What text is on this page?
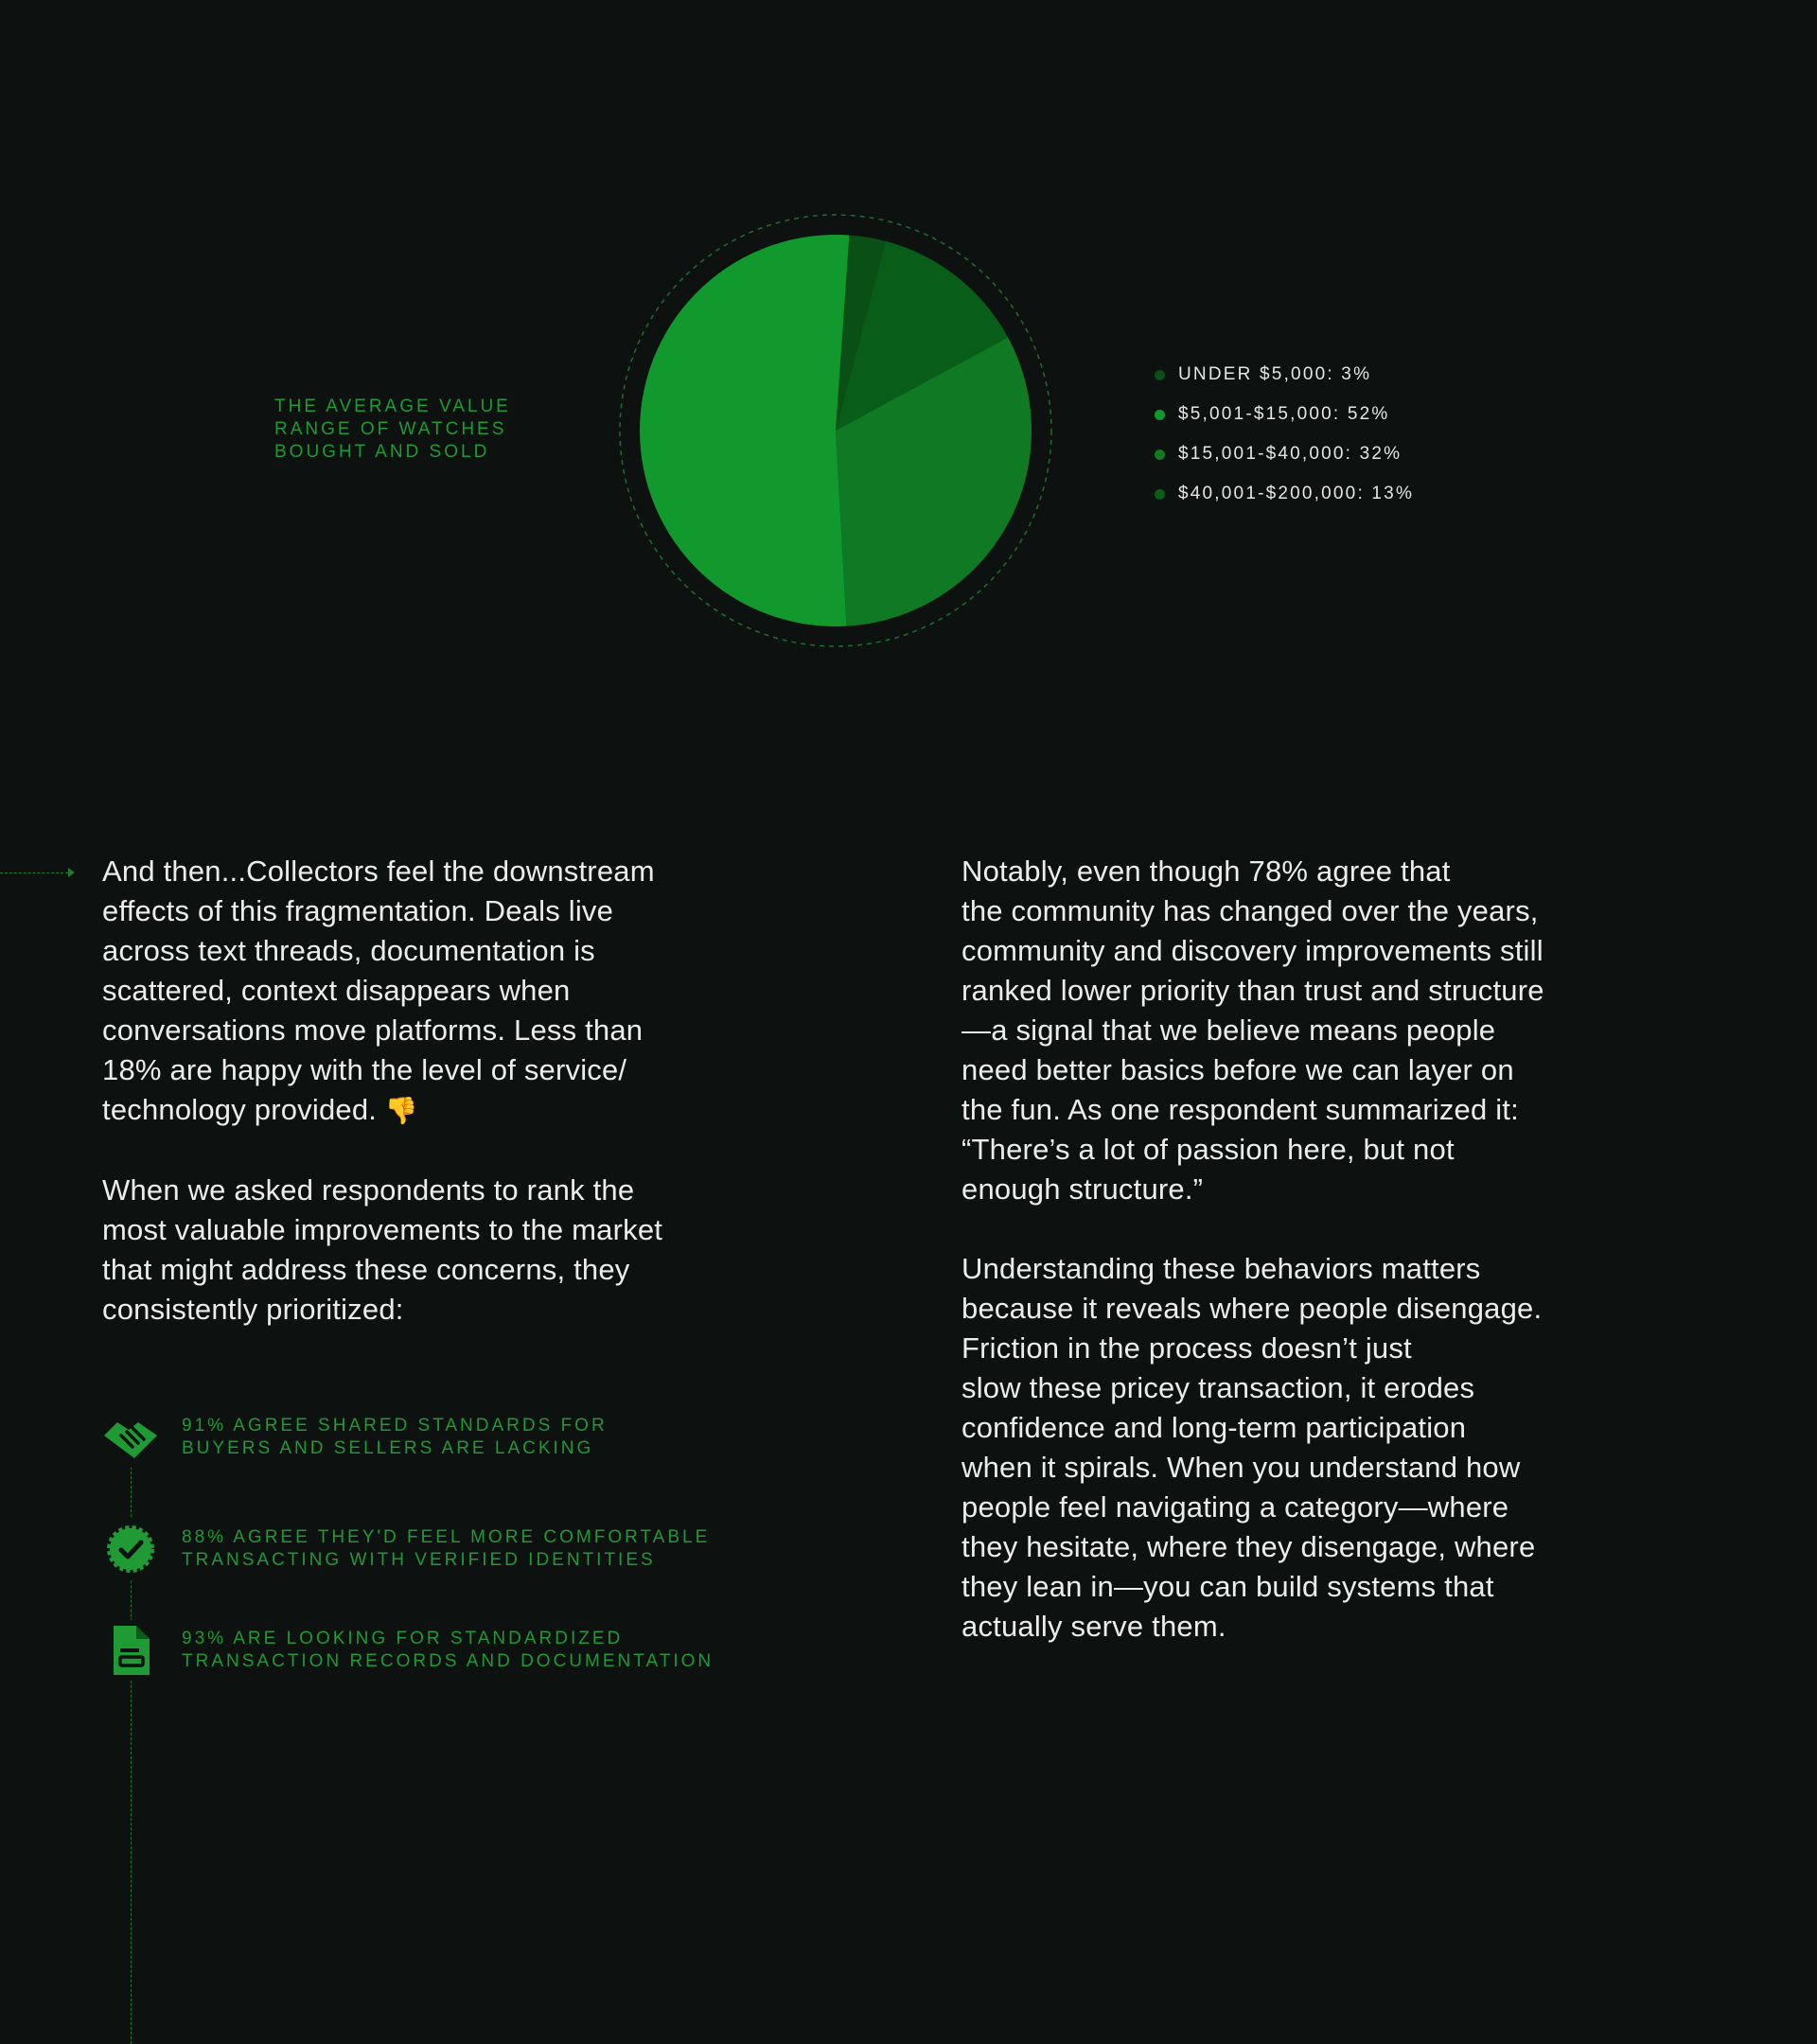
THE AVERAGE VALUE
RANGE OF WATCHES
BOUGHT AND SOLD
UNDER $5,000: 3%
$5,001-$15,000: 52%
$15,001-$40,000: 32%
$40,001-$200,000: 13%

And then...Collectors feel the downstream
effects of this fragmentation. Deals live
across text threads, documentation is
scattered, context disappears when
conversations move platforms. Less than
18% are happy with the level of service/
technology provided. 👎

When we asked respondents to rank the
most valuable improvements to the market
that might address these concerns, they
consistently prioritized:

91% AGREE SHARED STANDARDS FOR
BUYERS AND SELLERS ARE LACKING
88% AGREE THEY'D FEEL MORE COMFORTABLE
TRANSACTING WITH VERIFIED IDENTITIES
93% ARE LOOKING FOR STANDARDIZED
TRANSACTION RECORDS AND DOCUMENTATION

Notably, even though 78% agree that
the community has changed over the years,
community and discovery improvements still
ranked lower priority than trust and structure
—a signal that we believe means people
need better basics before we can layer on
the fun. As one respondent summarized it:
“There’s a lot of passion here, but not
enough structure.”

Understanding these behaviors matters
because it reveals where people disengage.
Friction in the process doesn’t just
slow these pricey transaction, it erodes
confidence and long-term participation
when it spirals. When you understand how
people feel navigating a category—where
they hesitate, where they disengage, where
they lean in—you can build systems that
actually serve them.
